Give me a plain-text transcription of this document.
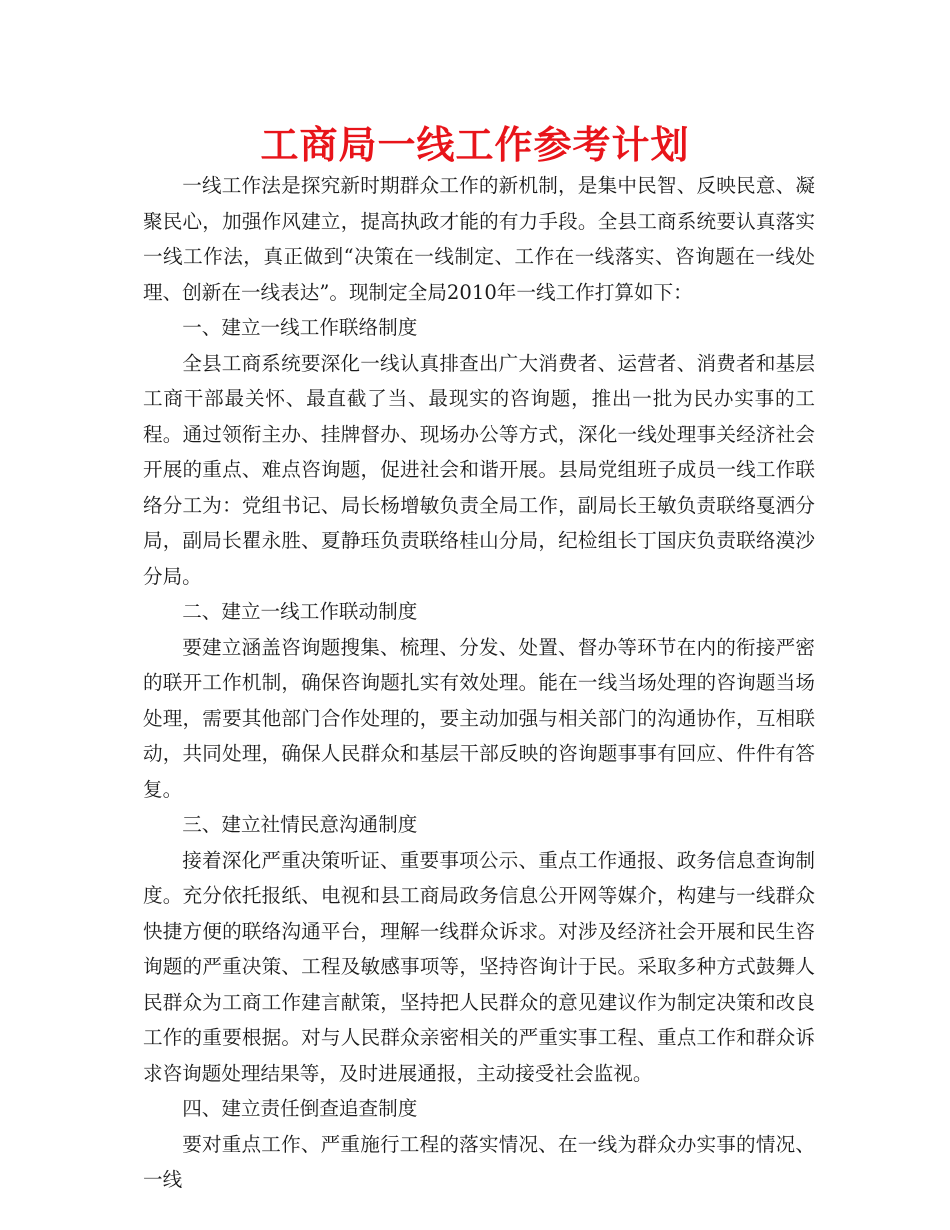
工商局一线工作参考计划

一线工作法是探究新时期群众工作的新机制，是集中民智、反映民意、凝聚民心，加强作风建立，提高执政才能的有力手段。全县工商系统要认真落实一线工作法，真正做到“决策在一线制定、工作在一线落实、咨询题在一线处理、创新在一线表达”。现制定全局2010年一线工作打算如下：

一、建立一线工作联络制度

全县工商系统要深化一线认真排查出广大消费者、运营者、消费者和基层工商干部最关怀、最直截了当、最现实的咨询题，推出一批为民办实事的工程。通过领衔主办、挂牌督办、现场办公等方式，深化一线处理事关经济社会开展的重点、难点咨询题，促进社会和谐开展。县局党组班子成员一线工作联络分工为：党组书记、局长杨增敏负责全局工作，副局长王敏负责联络戛洒分局，副局长瞿永胜、夏静珏负责联络桂山分局，纪检组长丁国庆负责联络漠沙分局。

二、建立一线工作联动制度

要建立涵盖咨询题搜集、梳理、分发、处置、督办等环节在内的衔接严密的联开工作机制，确保咨询题扎实有效处理。能在一线当场处理的咨询题当场处理，需要其他部门合作处理的，要主动加强与相关部门的沟通协作，互相联动，共同处理，确保人民群众和基层干部反映的咨询题事事有回应、件件有答复。

三、建立社情民意沟通制度

接着深化严重决策听证、重要事项公示、重点工作通报、政务信息查询制度。充分依托报纸、电视和县工商局政务信息公开网等媒介，构建与一线群众快捷方便的联络沟通平台，理解一线群众诉求。对涉及经济社会开展和民生咨询题的严重决策、工程及敏感事项等，坚持咨询计于民。采取多种方式鼓舞人民群众为工商工作建言献策，坚持把人民群众的意见建议作为制定决策和改良工作的重要根据。对与人民群众亲密相关的严重实事工程、重点工作和群众诉求咨询题处理结果等，及时进展通报，主动接受社会监视。

四、建立责任倒查追查制度

要对重点工作、严重施行工程的落实情况、在一线为群众办实事的情况、一线
